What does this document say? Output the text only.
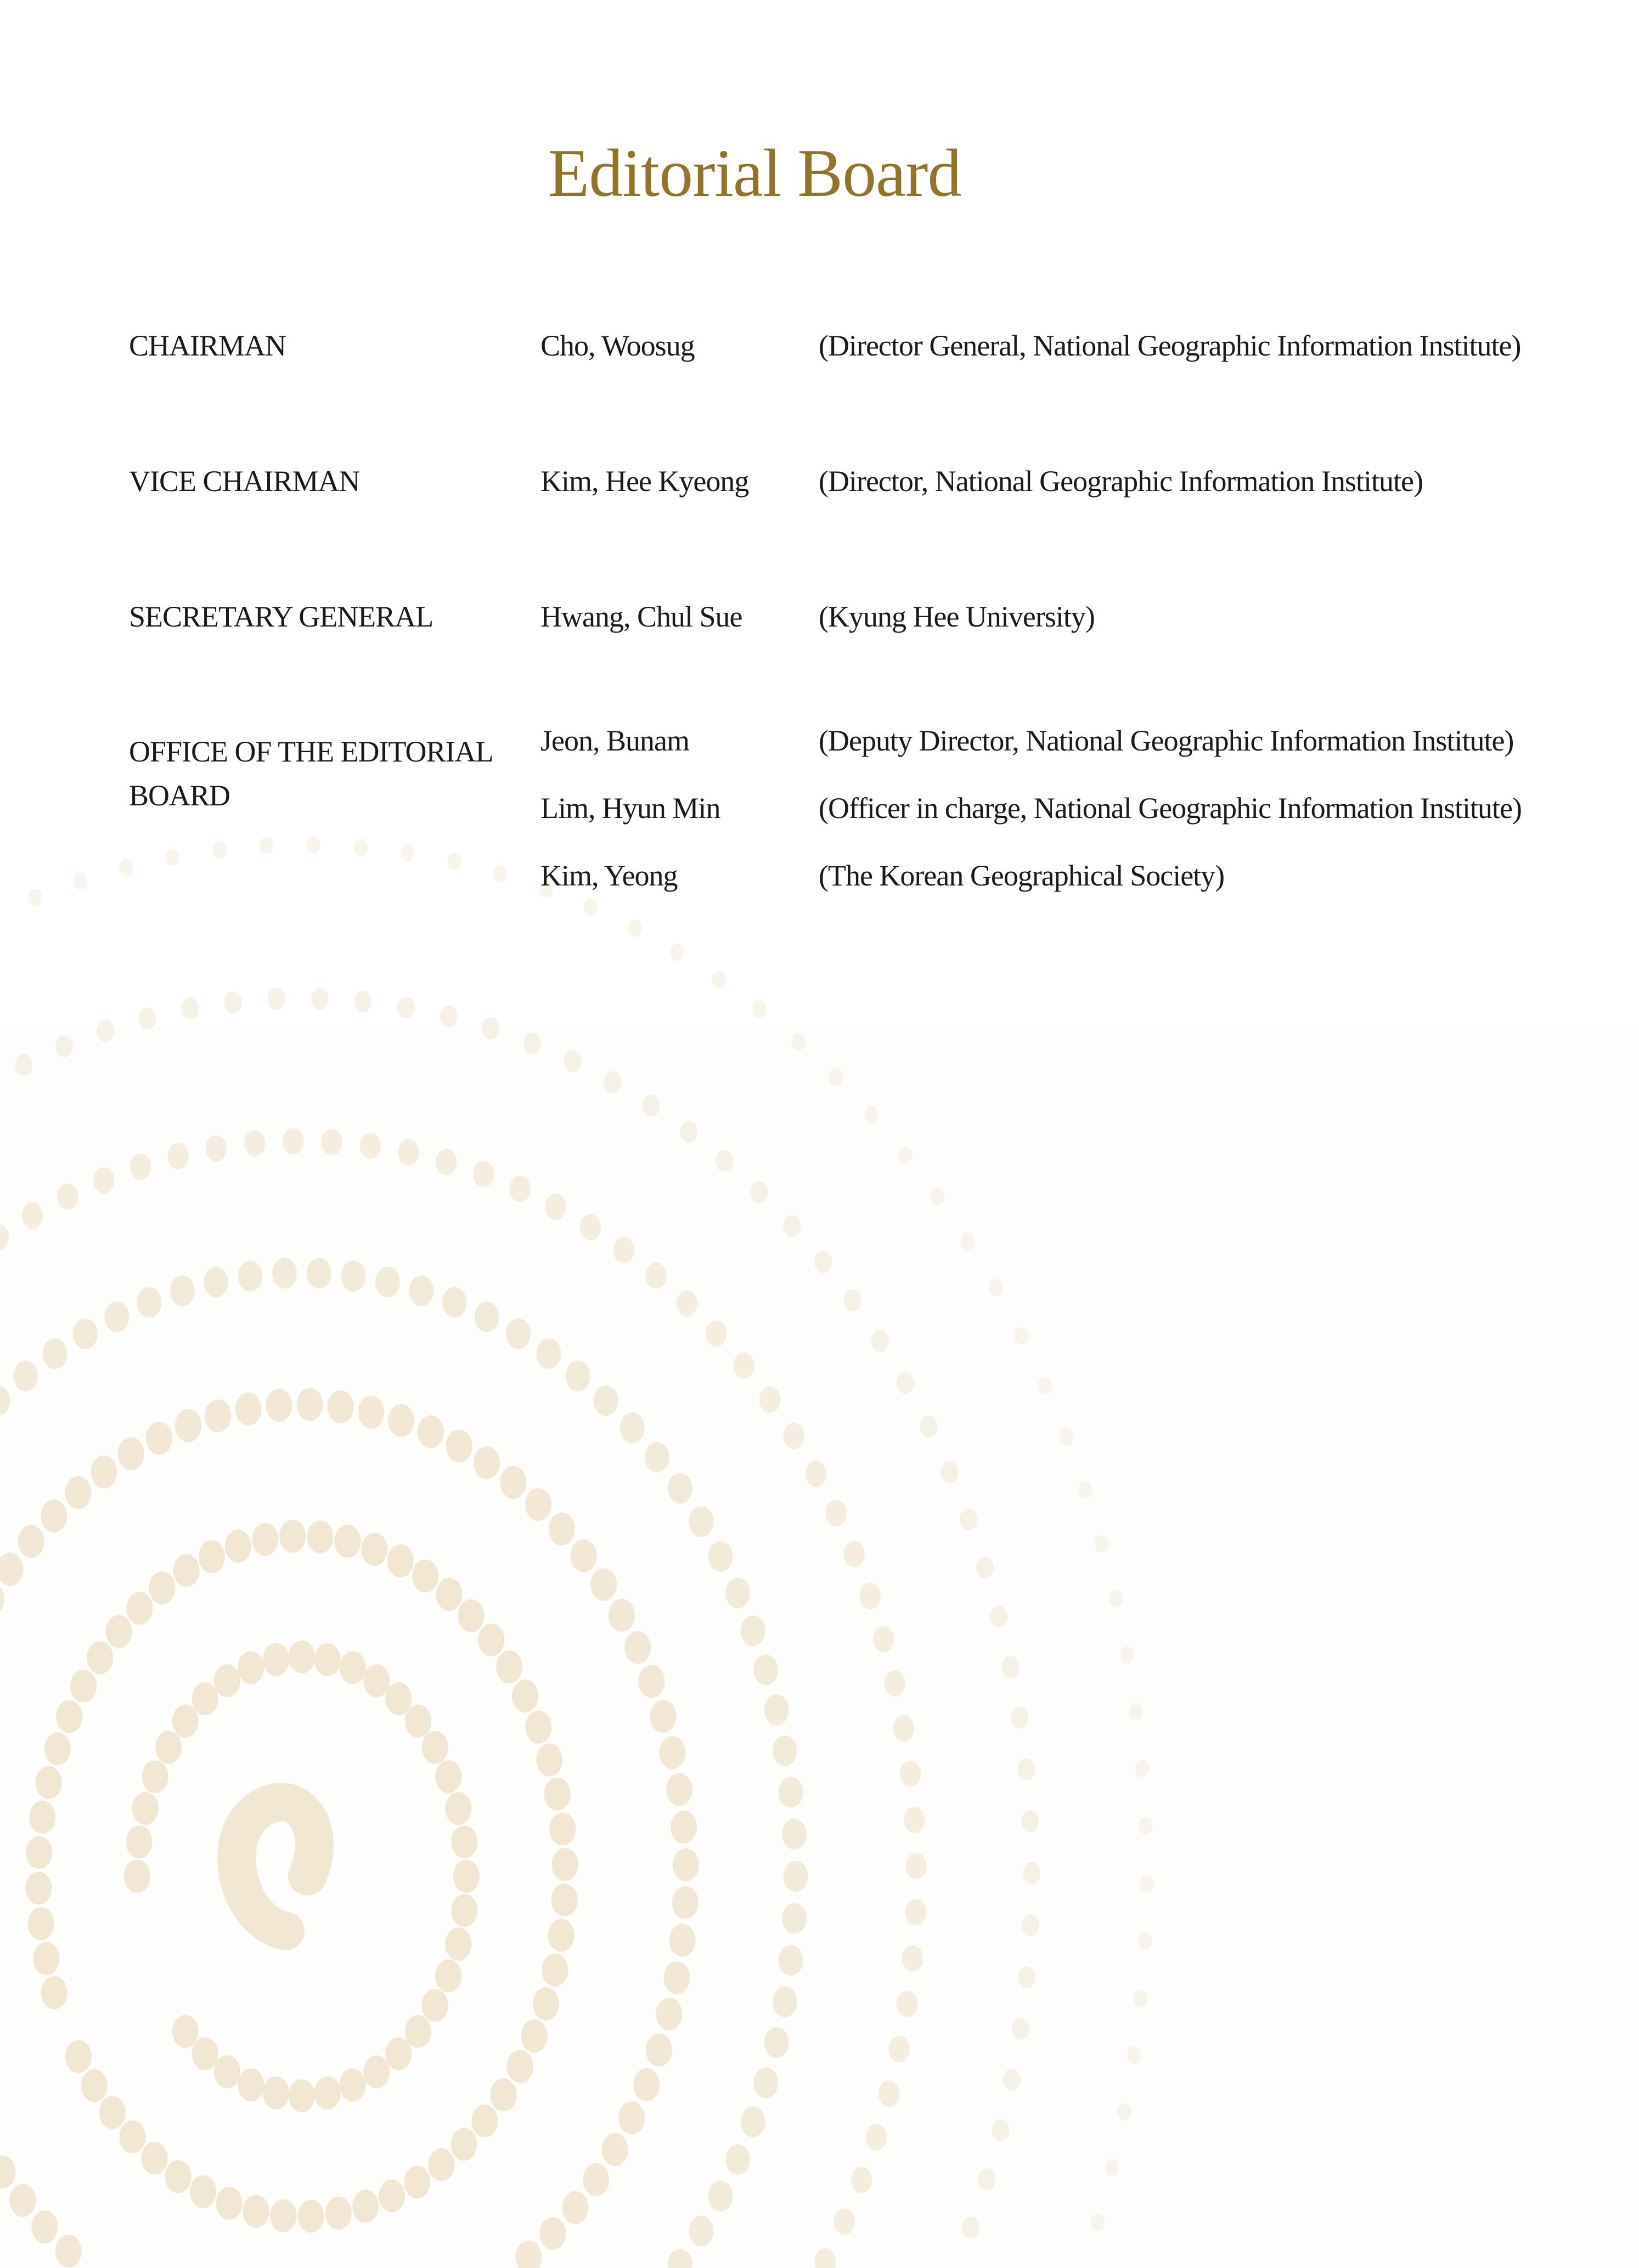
Editorial Board
CHAIRMAN	Cho, Woosug	(Director General, National Geographic Information Institute)
VICE CHAIRMAN	Kim, Hee Kyeong (Director, National Geographic Information Institute)
SECRETARY GENERAL	Hwang, Chul Sue	(Kyung Hee University)
OFFICE OF THE EDITORIAL BOARD
Jeon, Bunam	(Deputy Director, National Geographic Information Institute)
Lim, Hyun Min	(Officer in charge, National Geographic Information Institute)
Kim, Yeong	(The Korean Geographical Society)
